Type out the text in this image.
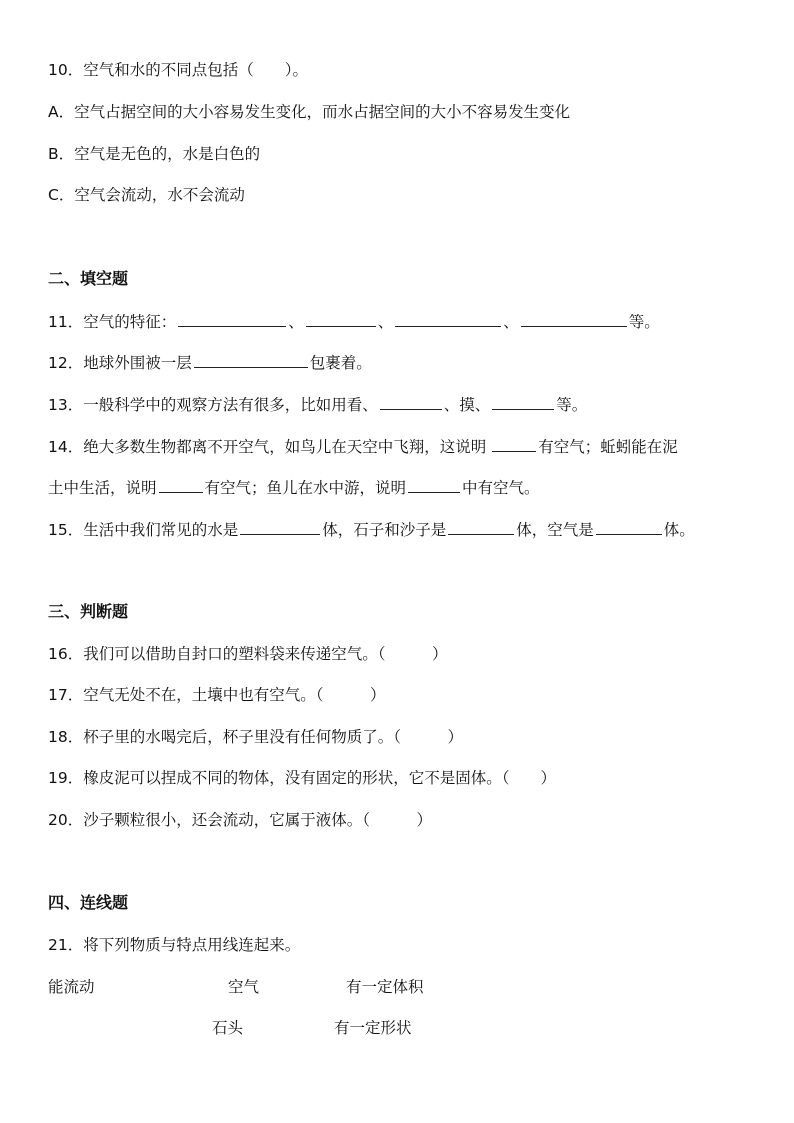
10．空气和水的不同点包括（　　）。
A．空气占据空间的大小容易发生变化，而水占据空间的大小不容易发生变化
B．空气是无色的，水是白色的
C．空气会流动，水不会流动
二、填空题
11．空气的特征：	、	、	、	等。
12．地球外围被一层	包裹着。
13．一般科学中的观察方法有很多，比如用看、	、摸、	等。
14．绝大多数生物都离不开空气，如鸟儿在天空中飞翔，这说明	有空气；蚯蚓能在泥
土中生活，说明	有空气；鱼儿在水中游，说明	中有空气。
15．生活中我们常见的水是	体，石子和沙子是	体，空气是	体。
三、判断题
16．我们可以借助自封口的塑料袋来传递空气。（　　　）
17．空气无处不在，土壤中也有空气。（　　　）
18．杯子里的水喝完后，杯子里没有任何物质了。（　　　）
19．橡皮泥可以捏成不同的物体，没有固定的形状，它不是固体。（　　）
20．沙子颗粒很小，还会流动，它属于液体。（　　　）
四、连线题
21．将下列物质与特点用线连起来。
能流动	空气	有一定体积
石头	有一定形状
